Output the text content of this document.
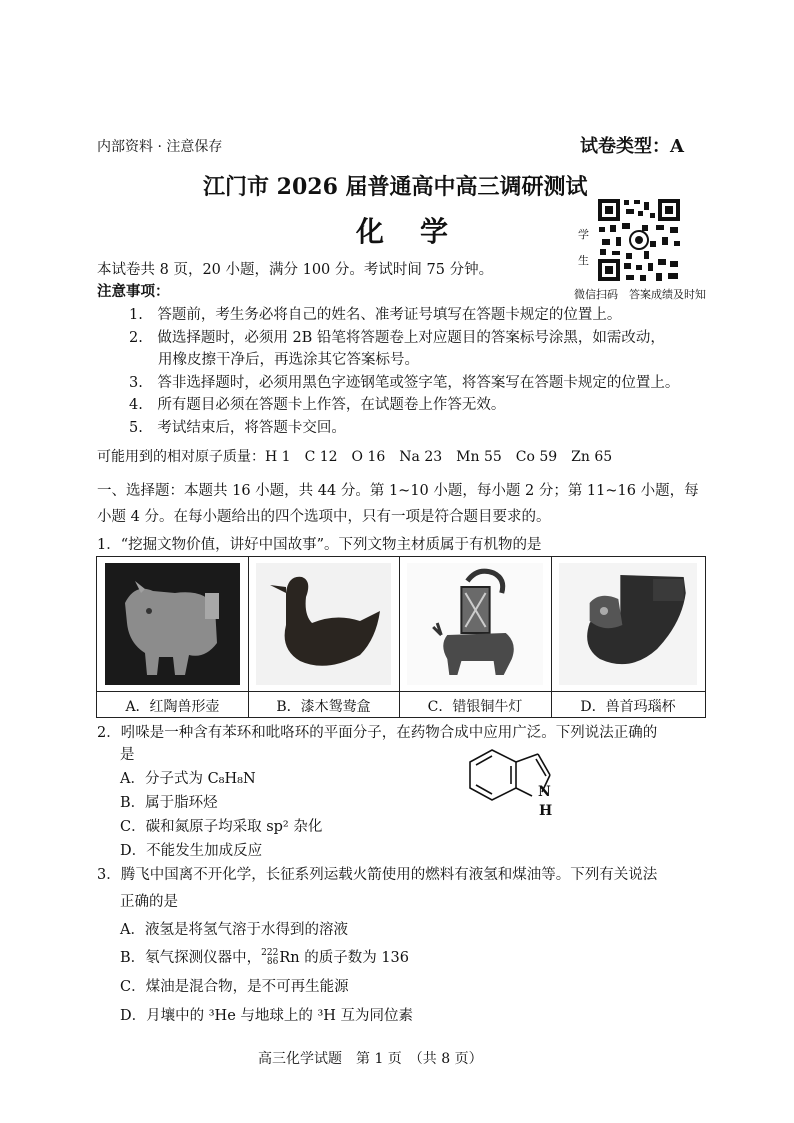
内部资料 · 注意保存	试卷类型：A
江门市 2026 届普通高中高三调研测试
化　学	学
生
微信扫码　答案成绩及时知
本试卷共 8 页，20 小题，满分 100 分。考试时间 75 分钟。
注意事项：
1.　答题前，考生务必将自己的姓名、准考证号填写在答题卡规定的位置上。
2.　做选择题时，必须用 2B 铅笔将答题卷上对应题目的答案标号涂黑，如需改动，
　　用橡皮擦干净后，再选涂其它答案标号。
3.　答非选择题时，必须用黑色字迹钢笔或签字笔，将答案写在答题卡规定的位置上。
4.　所有题目必须在答题卡上作答，在试题卷上作答无效。
5.　考试结束后，将答题卡交回。
可能用到的相对原子质量：H 1　C 12　O 16　Na 23　Mn 55　Co 59　Zn 65
一、选择题：本题共 16 小题，共 44 分。第 1~10 小题，每小题 2 分；第 11~16 小题，每
小题 4 分。在每小题给出的四个选项中，只有一项是符合题目要求的。
1．“挖掘文物价值，讲好中国故事”。下列文物主材质属于有机物的是
A．红陶兽形壶	B．漆木鸳鸯盒	C．错银铜牛灯	D．兽首玛瑙杯
2．吲哚是一种含有苯环和吡咯环的平面分子，在药物合成中应用广泛。下列说法正确的
是
A．分子式为 C₈H₈N
B．属于脂环烃
C．碳和氮原子均采取 sp² 杂化
D．不能发生加成反应
N
H
3．腾飞中国离不开化学，长征系列运载火箭使用的燃料有液氢和煤油等。下列有关说法
正确的是
A．液氢是将氢气溶于水得到的溶液
B．氡气探测仪器中，222
86Rn 的质子数为 136
C．煤油是混合物，是不可再生能源
D．月壤中的 ³He 与地球上的 ³H 互为同位素
高三化学试题　第 1 页　（共 8 页）
